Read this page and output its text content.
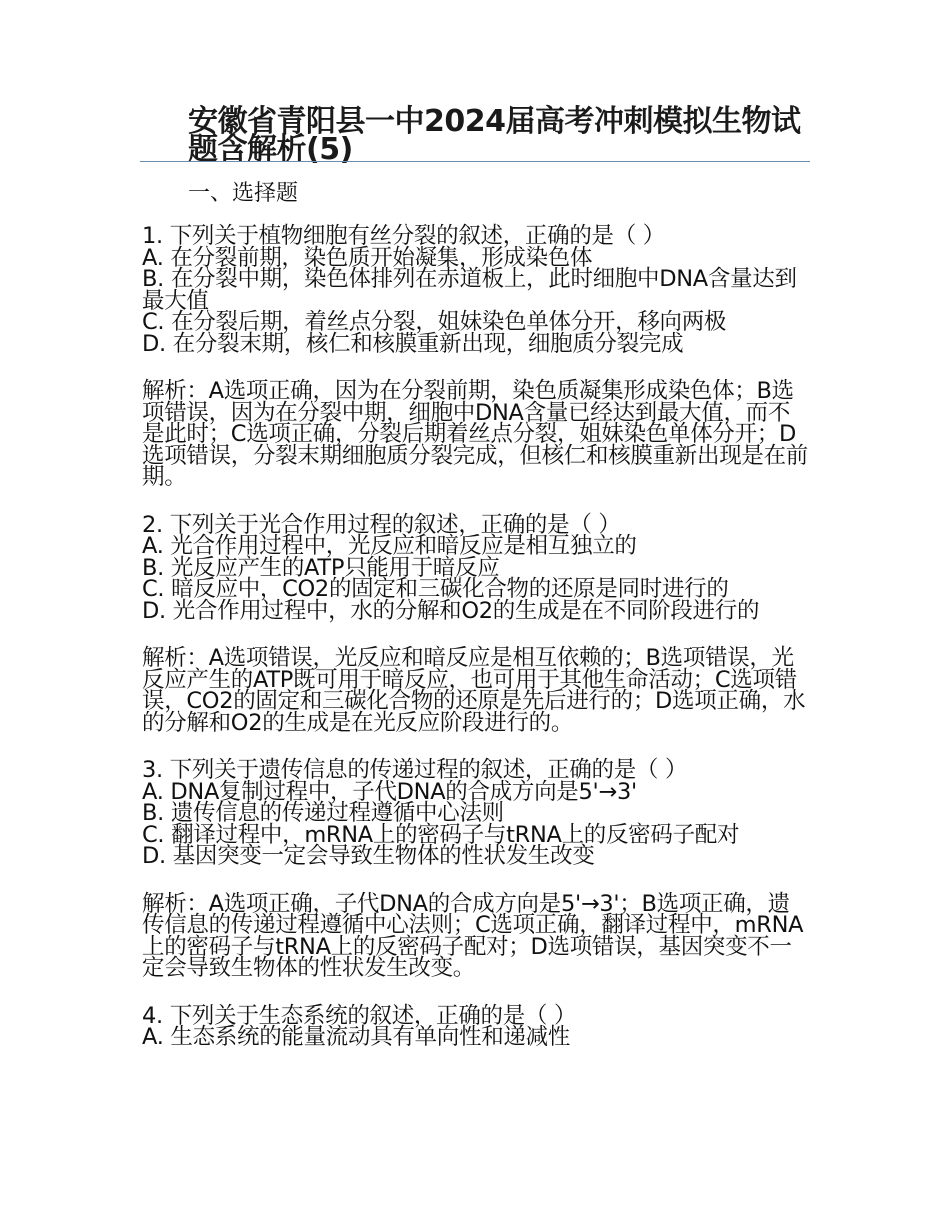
安徽省青阳县一中2024届高考冲刺模拟生物试题含解析(5)
一、选择题
1. 下列关于植物细胞有丝分裂的叙述，正确的是（ ）
A. 在分裂前期，染色质开始凝集，形成染色体
B. 在分裂中期，染色体排列在赤道板上，此时细胞中DNA含量达到最大值
C. 在分裂后期，着丝点分裂，姐妹染色单体分开，移向两极
D. 在分裂末期，核仁和核膜重新出现，细胞质分裂完成
解析：A选项正确，因为在分裂前期，染色质凝集形成染色体；B选项错误，因为在分裂中期，细胞中DNA含量已经达到最大值，而不是此时；C选项正确，分裂后期着丝点分裂，姐妹染色单体分开；D选项错误，分裂末期细胞质分裂完成，但核仁和核膜重新出现是在前期。
2. 下列关于光合作用过程的叙述，正确的是（ ）
A. 光合作用过程中，光反应和暗反应是相互独立的
B. 光反应产生的ATP只能用于暗反应
C. 暗反应中，CO2的固定和三碳化合物的还原是同时进行的
D. 光合作用过程中，水的分解和O2的生成是在不同阶段进行的
解析：A选项错误，光反应和暗反应是相互依赖的；B选项错误，光反应产生的ATP既可用于暗反应，也可用于其他生命活动；C选项错误，CO2的固定和三碳化合物的还原是先后进行的；D选项正确，水的分解和O2的生成是在光反应阶段进行的。
3. 下列关于遗传信息的传递过程的叙述，正确的是（ ）
A. DNA复制过程中，子代DNA的合成方向是5'→3'
B. 遗传信息的传递过程遵循中心法则
C. 翻译过程中，mRNA上的密码子与tRNA上的反密码子配对
D. 基因突变一定会导致生物体的性状发生改变
解析：A选项正确，子代DNA的合成方向是5'→3'；B选项正确，遗传信息的传递过程遵循中心法则；C选项正确，翻译过程中，mRNA上的密码子与tRNA上的反密码子配对；D选项错误，基因突变不一定会导致生物体的性状发生改变。
4. 下列关于生态系统的叙述，正确的是（ ）
A. 生态系统的能量流动具有单向性和递减性
